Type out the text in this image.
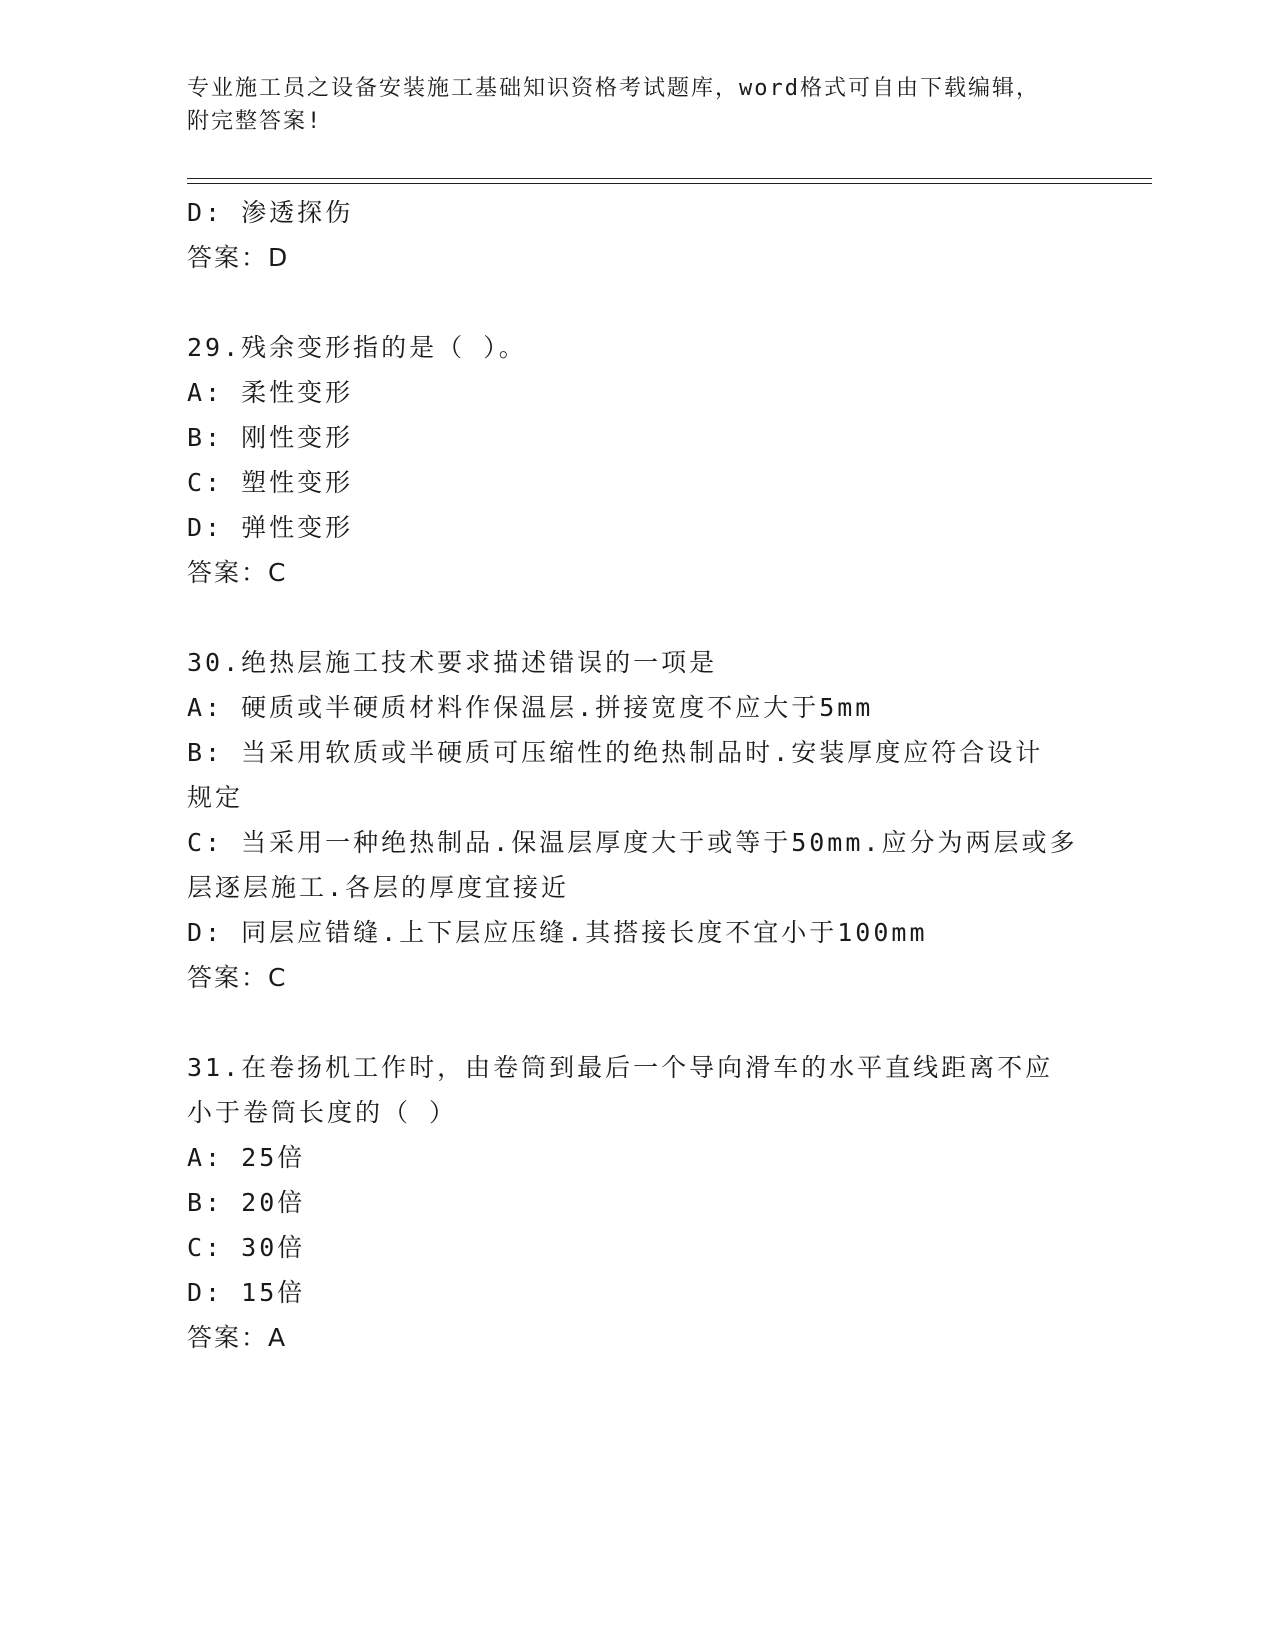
专业施工员之设备安装施工基础知识资格考试题库，word格式可自由下载编辑，
附完整答案!
D: 渗透探伤
答案：D
29.残余变形指的是（ ）。
A: 柔性变形
B: 刚性变形
C: 塑性变形
D: 弹性变形
答案：C
30.绝热层施工技术要求描述错误的一项是
A: 硬质或半硬质材料作保温层.拼接宽度不应大于5mm
B: 当采用软质或半硬质可压缩性的绝热制品时.安装厚度应符合设计
规定
C: 当采用一种绝热制品.保温层厚度大于或等于50mm.应分为两层或多
层逐层施工.各层的厚度宜接近
D: 同层应错缝.上下层应压缝.其搭接长度不宜小于100mm
答案：C
31.在卷扬机工作时，由卷筒到最后一个导向滑车的水平直线距离不应
小于卷筒长度的（ ）
A: 25倍
B: 20倍
C: 30倍
D: 15倍
答案：A
